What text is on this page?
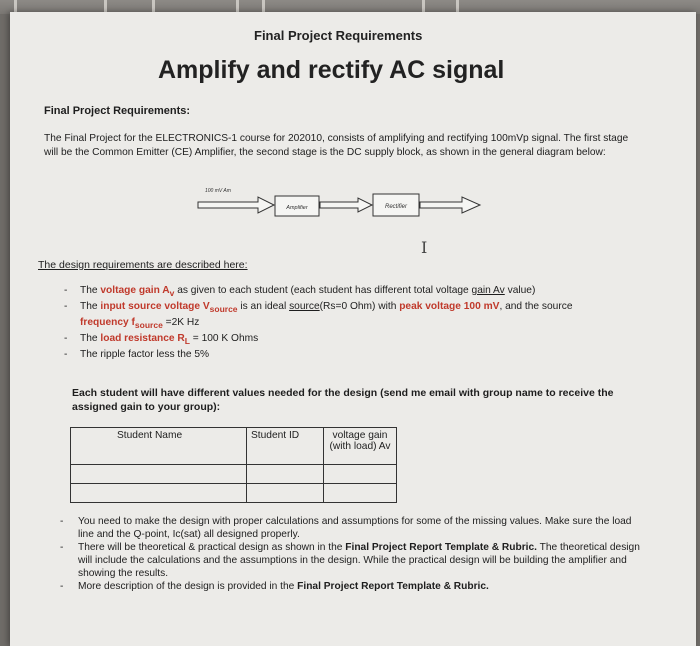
Final Project Requirements
Amplify and rectify AC signal
Final Project Requirements:
The Final Project for the ELECTRONICS-1 course for 202010, consists of amplifying and rectifying 100mVp signal. The first stage will be the Common Emitter (CE) Amplifier, the second stage is the DC supply block, as shown in the general diagram below:
100 mV Am
Amplifier	Rectifier
I
The design requirements are described here:
- The voltage gain $A_v$ as given to each student (each student has different total voltage gain Av value)
- The input source voltage $V_{source}$ is an ideal source(Rs=0 Ohm) with peak voltage 100 mV, and the source frequency $f_{source} =2K$ Hz
- The load resistance $R_L = 100$ K Ohms
- The ripple factor less the 5%
Each student will have different values needed for the design (send me email with group name to receive the assigned gain to your group):
Student Name	Student ID	voltage gain (with load) Av

- You need to make the design with proper calculations and assumptions for some of the missing values. Make sure the load line and the Q-point, Ic(sat) all designed properly.
- There will be theoretical & practical design as shown in the Final Project Report Template & Rubric. The theoretical design will include the calculations and the assumptions in the design. While the practical design will be building the amplifier and showing the results.
- More description of the design is provided in the Final Project Report Template & Rubric.
